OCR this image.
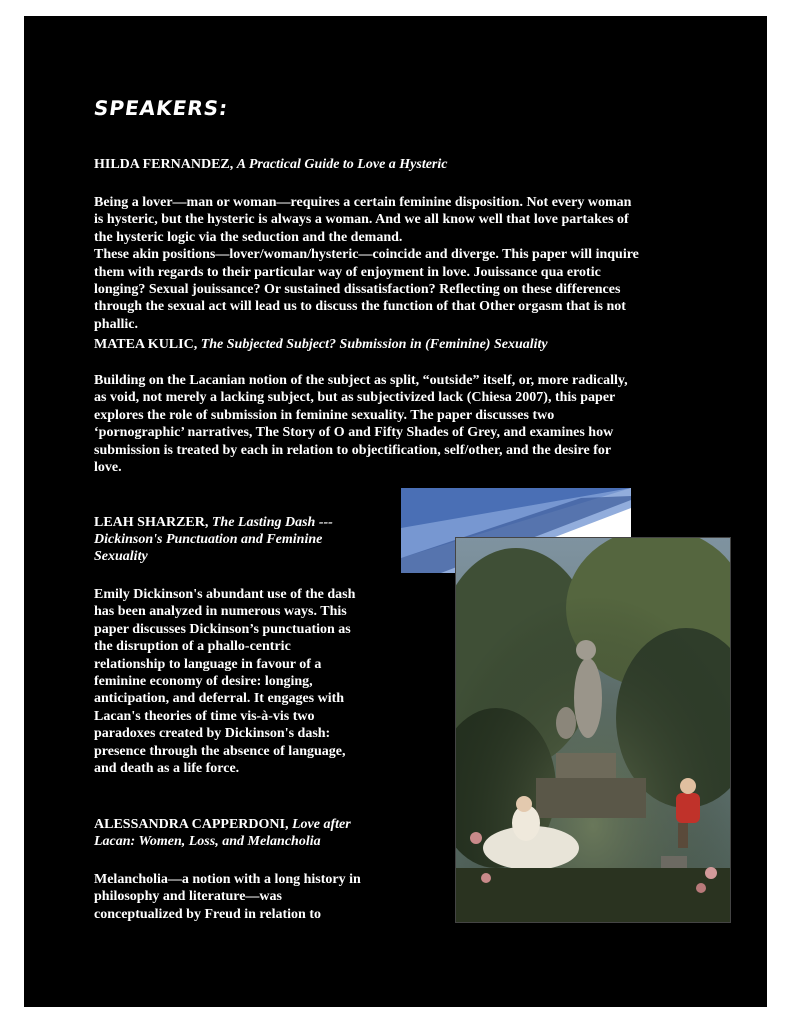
SPEAKERS:

HILDA FERNANDEZ, A Practical Guide to Love a Hysteric

Being a lover—man or woman—requires a certain feminine disposition. Not every woman
is hysteric, but the hysteric is always a woman. And we all know well that love partakes of
the hysteric logic via the seduction and the demand.
These akin positions—lover/woman/hysteric—coincide and diverge. This paper will inquire
them with regards to their particular way of enjoyment in love. Jouissance qua erotic
longing? Sexual jouissance? Or sustained dissatisfaction? Reflecting on these differences
through the sexual act will lead us to discuss the function of that Other orgasm that is not
phallic.

MATEA KULIC, The Subjected Subject? Submission in (Feminine) Sexuality

Building on the Lacanian notion of the subject as split, “outside” itself, or, more radically,
as void, not merely a lacking subject, but as subjectivized lack (Chiesa 2007), this paper
explores the role of submission in feminine sexuality. The paper discusses two
‘pornographic’ narratives, The Story of O and Fifty Shades of Grey, and examines how
submission is treated by each in relation to objectification, self/other, and the desire for
love.

LEAH SHARZER, The Lasting Dash ---
Dickinson's Punctuation and Feminine
Sexuality

Emily Dickinson's abundant use of the dash
has been analyzed in numerous ways. This
paper discusses Dickinson’s punctuation as
the disruption of a phallo-centric
relationship to language in favour of a
feminine economy of desire: longing,
anticipation, and deferral. It engages with
Lacan's theories of time vis-à-vis two
paradoxes created by Dickinson's dash:
presence through the absence of language,
and death as a life force.

ALESSANDRA CAPPERDONI, Love after
Lacan: Women, Loss, and Melancholia

Melancholia—a notion with a long history in
philosophy and literature—was
conceptualized by Freud in relation to
